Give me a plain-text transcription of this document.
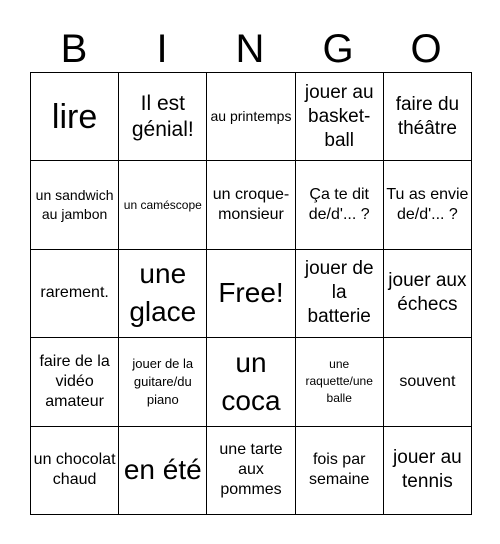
B	I	N	G	O
lire	Il est génial!
au printemps
jouer au basket-ball
faire du théâtre
un sandwich au jambon
un caméscope
un croque-monsieur
Ça te dit de/d'... ?
Tu as envie de/d'... ?
rarement.
une glace
Free!
jouer de la batterie
jouer aux échecs
faire de la vidéo amateur
jouer de la guitare/du piano
un coca
une raquette/une balle
souvent
un chocolat chaud en été
une tarte aux pommes
fois par semaine
jouer au tennis
